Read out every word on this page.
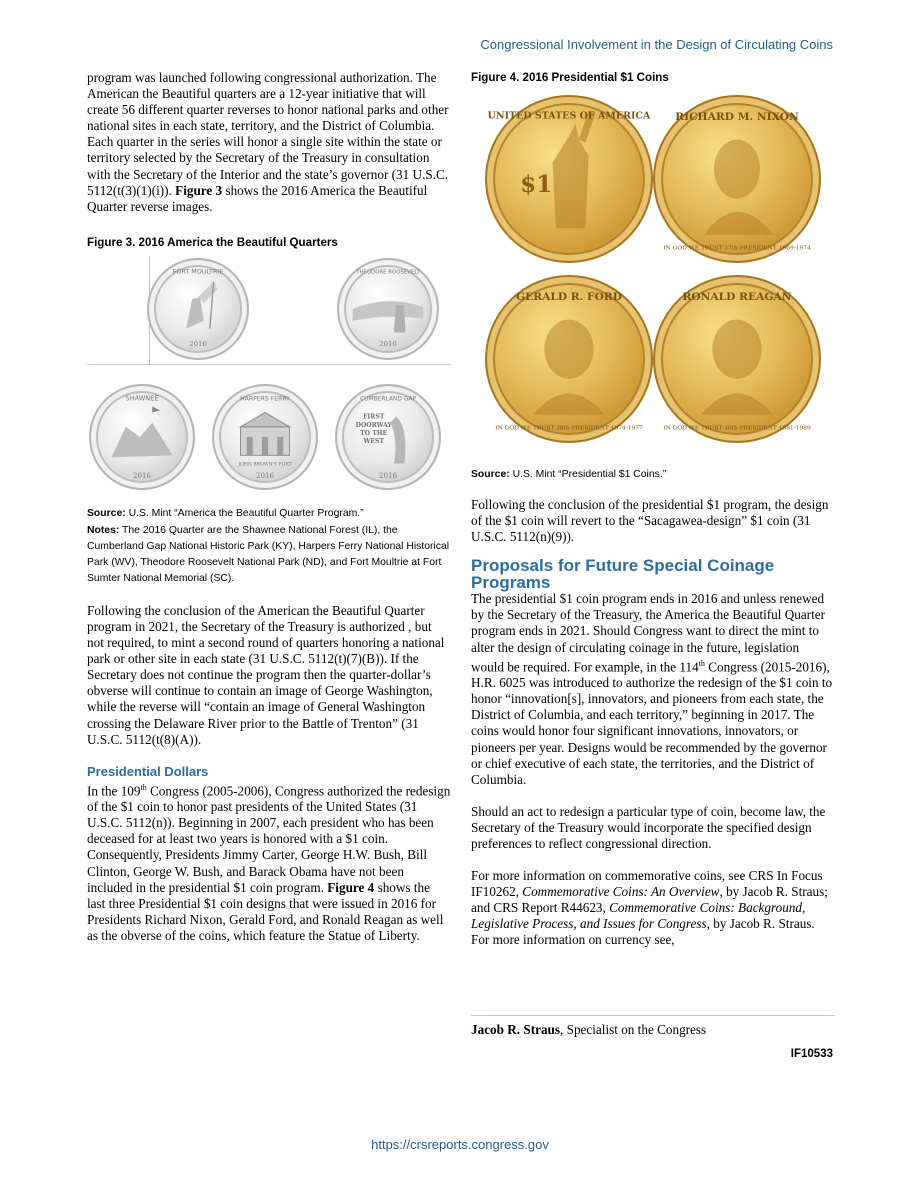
Congressional Involvement in the Design of Circulating Coins

program was launched following congressional authorization. The American the Beautiful quarters are a 12-year initiative that will create 56 different quarter reverses to honor national parks and other national sites in each state, territory, and the District of Columbia. Each quarter in the series will honor a single site within the state or territory selected by the Secretary of the Treasury in consultation with the Secretary of the Interior and the state’s governor (31 U.S.C. 5112(t(3)(1)(i)). Figure 3 shows the 2016 America the Beautiful Quarter reverse images.

Figure 3. 2016 America the Beautiful Quarters
FORT MOULTRIE
2016
THEODORE ROOSEVELT
2016
SHAWNEE
2016
JOHN BROWN'S FORT
HARPERS FERRY
2016
FIRST
DOORWAY
TO THE
WEST
CUMBERLAND GAP
2016
Source: U.S. Mint “America the Beautiful Quarter Program.”
Notes: The 2016 Quarter are the Shawnee National Forest (IL), the Cumberland Gap National Historic Park (KY), Harpers Ferry National Historical Park (WV), Theodore Roosevelt National Park (ND), and Fort Moultrie at Fort Sumter National Memorial (SC).
Following the conclusion of the American the Beautiful Quarter program in 2021, the Secretary of the Treasury is authorized , but not required, to mint a second round of quarters honoring a national park or other site in each state (31 U.S.C. 5112(t)(7)(B)). If the Secretary does not continue the program then the quarter-dollar’s obverse will continue to contain an image of George Washington, while the reverse will “contain an image of General Washington crossing the Delaware River prior to the Battle of Trenton” (31 U.S.C. 5112(t(8)(A)).
Presidential Dollars
In the 109th Congress (2005-2006), Congress authorized the redesign of the $1 coin to honor past presidents of the United States (31 U.S.C. 5112(n)). Beginning in 2007, each president who has been deceased for at least two years is honored with a $1 coin. Consequently, Presidents Jimmy Carter, George H.W. Bush, Bill Clinton, George W. Bush, and Barack Obama have not been included in the presidential $1 coin program. Figure 4 shows the last three Presidential $1 coin designs that were issued in 2016 for Presidents Richard Nixon, Gerald Ford, and Ronald Reagan as well as the obverse of the coins, which feature the Statue of Liberty.
Figure 4. 2016 Presidential $1 Coins
$1
UNITED STATES OF AMERICA	RICHARD M. NIXON
IN GOD WE TRUST 37th PRESIDENT 1969-1974
GERALD R. FORD
IN GOD WE TRUST 38th PRESIDENT 1974-1977
RONALD REAGAN
IN GOD WE TRUST 40th PRESIDENT 1981-1989
Source: U.S. Mint “Presidential $1 Coins.”
Following the conclusion of the presidential $1 program, the design of the $1 coin will revert to the “Sacagawea-design” $1 coin (31 U.S.C. 5112(n)(9)).
Proposals for Future Special Coinage Programs
The presidential $1 coin program ends in 2016 and unless renewed by the Secretary of the Treasury, the America the Beautiful Quarter program ends in 2021. Should Congress want to direct the mint to alter the design of circulating coinage in the future, legislation would be required. For example, in the 114th Congress (2015-2016), H.R. 6025 was introduced to authorize the redesign of the $1 coin to honor “innovation[s], innovators, and pioneers from each state, the District of Columbia, and each territory,” beginning in 2017. The coins would honor four significant innovations, innovators, or pioneers per year. Designs would be recommended by the governor or chief executive of each state, the territories, and the District of Columbia.
Should an act to redesign a particular type of coin, become law, the Secretary of the Treasury would incorporate the specified design preferences to reflect congressional direction.
For more information on commemorative coins, see CRS In Focus IF10262, Commemorative Coins: An Overview, by Jacob R. Straus; and CRS Report R44623, Commemorative Coins: Background, Legislative Process, and Issues for Congress, by Jacob R. Straus. For more information on currency see,
Jacob R. Straus, Specialist on the Congress
IF10533
https://crsreports.congress.gov
